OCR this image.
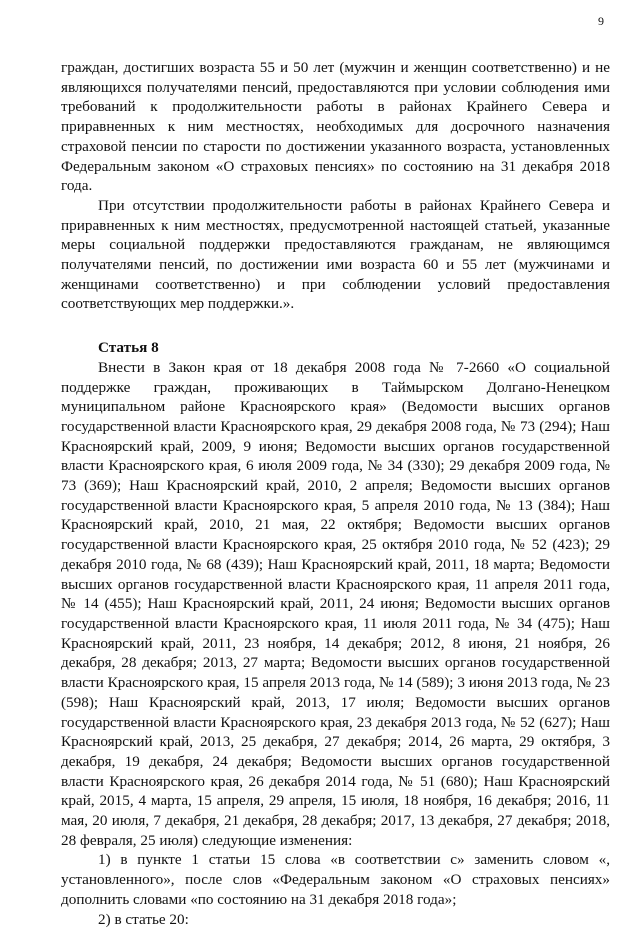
9

граждан, достигших возраста 55 и 50 лет (мужчин и женщин соответственно) и не являющихся получателями пенсий, предоставляются при условии соблюдения ими требований к продолжительности работы в районах Крайнего Севера и приравненных к ним местностях, необходимых для досрочного назначения страховой пенсии по старости по достижении указанного возраста, установленных Федеральным законом «О страховых пенсиях» по состоянию на 31 декабря 2018 года.

При отсутствии продолжительности работы в районах Крайнего Севера и приравненных к ним местностях, предусмотренной настоящей статьей, указанные меры социальной поддержки предоставляются гражданам, не являющимся получателями пенсий, по достижении ими возраста 60 и 55 лет (мужчинами и женщинами соответственно) и при соблюдении условий предоставления соответствующих мер поддержки.».

Статья 8

Внести в Закон края от 18 декабря 2008 года № 7-2660 «О социальной поддержке граждан, проживающих в Таймырском Долгано-Ненецком муниципальном районе Красноярского края» (Ведомости высших органов государственной власти Красноярского края, 29 декабря 2008 года, № 73 (294); Наш Красноярский край, 2009, 9 июня; Ведомости высших органов государственной власти Красноярского края, 6 июля 2009 года, № 34 (330); 29 декабря 2009 года, № 73 (369); Наш Красноярский край, 2010, 2 апреля; Ведомости высших органов государственной власти Красноярского края, 5 апреля 2010 года, № 13 (384); Наш Красноярский край, 2010, 21 мая, 22 октября; Ведомости высших органов государственной власти Красноярского края, 25 октября 2010 года, № 52 (423); 29 декабря 2010 года, № 68 (439); Наш Красноярский край, 2011, 18 марта; Ведомости высших органов государственной власти Красноярского края, 11 апреля 2011 года, № 14 (455); Наш Красноярский край, 2011, 24 июня; Ведомости высших органов государственной власти Красноярского края, 11 июля 2011 года, № 34 (475); Наш Красноярский край, 2011, 23 ноября, 14 декабря; 2012, 8 июня, 21 ноября, 26 декабря, 28 декабря; 2013, 27 марта; Ведомости высших органов государственной власти Красноярского края, 15 апреля 2013 года, № 14 (589); 3 июня 2013 года, № 23 (598); Наш Красноярский край, 2013, 17 июля; Ведомости высших органов государственной власти Красноярского края, 23 декабря 2013 года, № 52 (627); Наш Красноярский край, 2013, 25 декабря, 27 декабря; 2014, 26 марта, 29 октября, 3 декабря, 19 декабря, 24 декабря; Ведомости высших органов государственной власти Красноярского края, 26 декабря 2014 года, № 51 (680); Наш Красноярский край, 2015, 4 марта, 15 апреля, 29 апреля, 15 июля, 18 ноября, 16 декабря; 2016, 11 мая, 20 июля, 7 декабря, 21 декабря, 28 декабря; 2017, 13 декабря, 27 декабря; 2018, 28 февраля, 25 июля) следующие изменения:

1) в пункте 1 статьи 15 слова «в соответствии с» заменить словом «, установленного», после слов «Федеральным законом «О страховых пенсиях» дополнить словами «по состоянию на 31 декабря 2018 года»;

2) в статье 20:
